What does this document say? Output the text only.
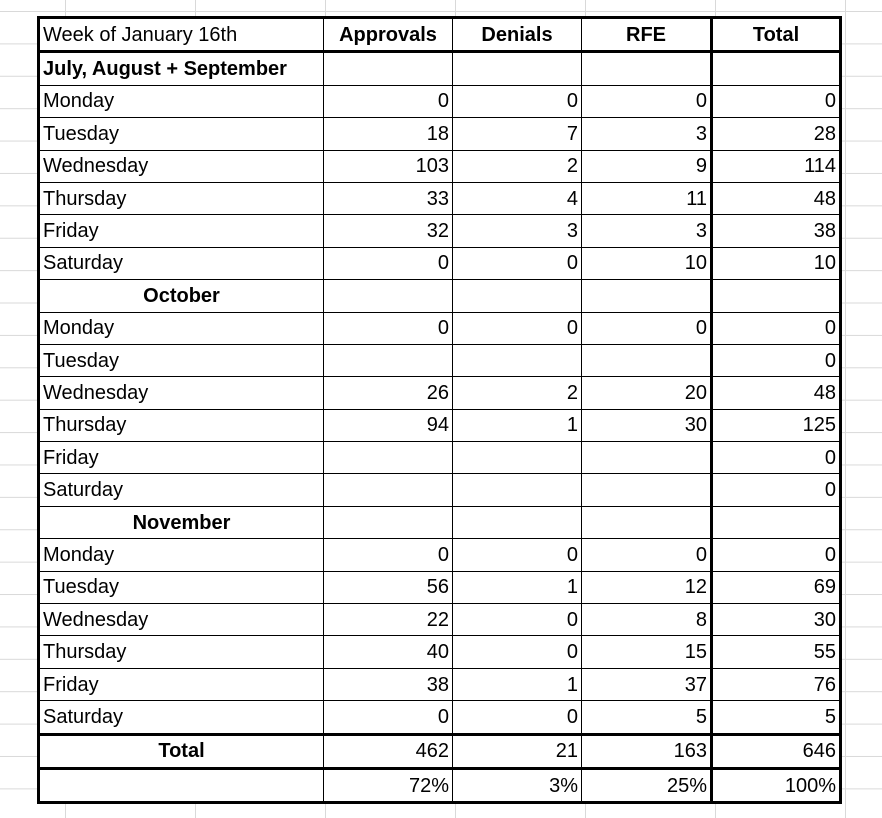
Week of January 16th	Approvals	Denials	RFE	Total
July, August + September				
Monday	0	0	0	0
Tuesday	18	7	3	28
Wednesday	103	2	9	114
Thursday	33	4	11	48
Friday	32	3	3	38
Saturday	0	0	10	10
October				
Monday	0	0	0	0
Tuesday				0
Wednesday	26	2	20	48
Thursday	94	1	30	125
Friday				0
Saturday				0
November				
Monday	0	0	0	0
Tuesday	56	1	12	69
Wednesday	22	0	8	30
Thursday	40	0	15	55
Friday	38	1	37	76
Saturday	0	0	5	5
Total	462	21	163	646
	72%	3%	25%	100%
